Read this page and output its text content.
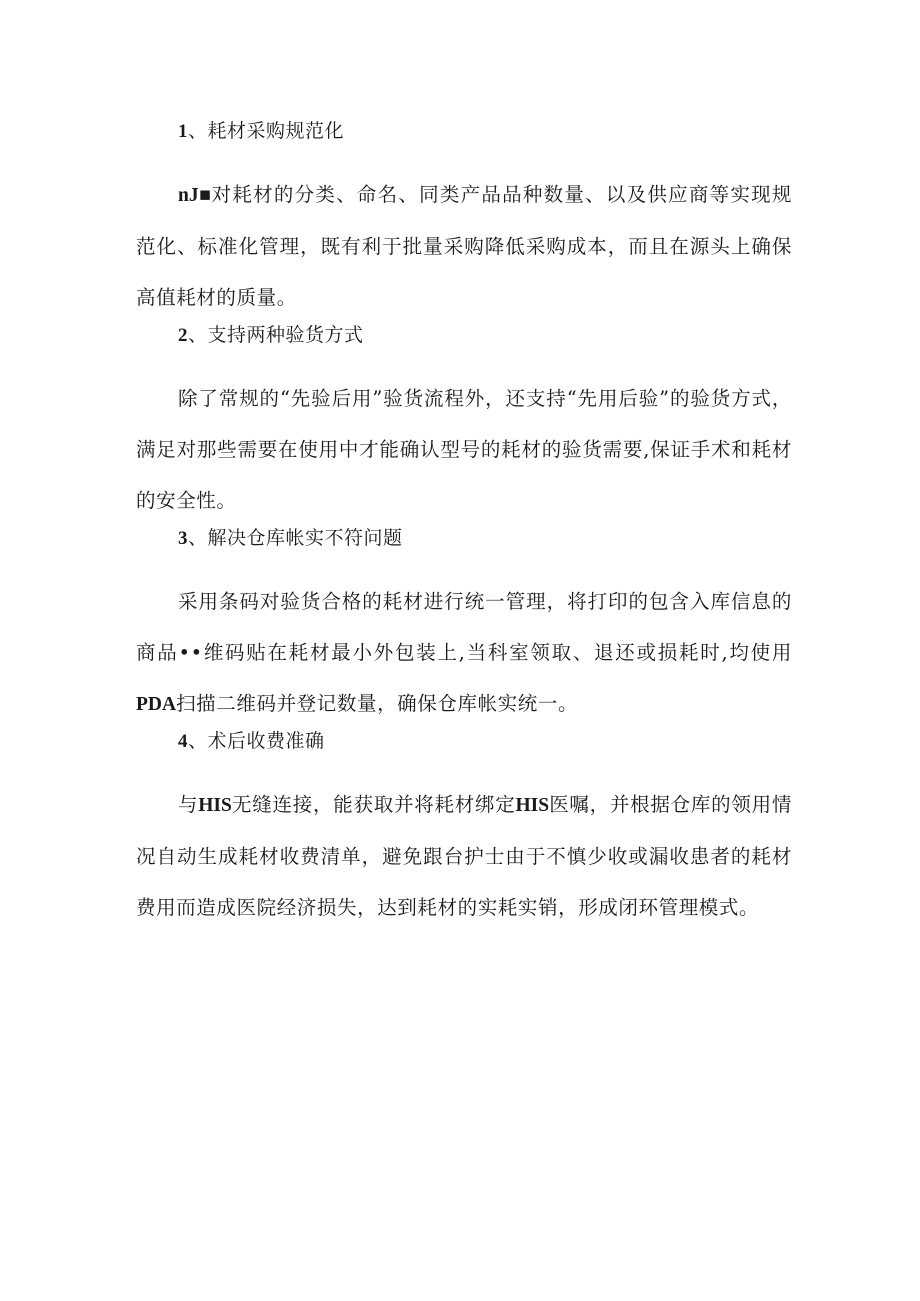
1、耗材采购规范化

nJ■对耗材的分类、命名、同类产品品种数量、以及供应商等实现规范化、标准化管理，既有利于批量采购降低采购成本，而且在源头上确保高值耗材的质量。

2、支持两种验货方式

除了常规的“先验后用”验货流程外，还支持“先用后验”的验货方式，满足对那些需要在使用中才能确认型号的耗材的验货需要,保证手术和耗材的安全性。

3、解决仓库帐实不符问题

采用条码对验货合格的耗材进行统一管理，将打印的包含入库信息的商品••维码贴在耗材最小外包装上,当科室领取、退还或损耗时,均使用PDA扫描二维码并登记数量，确保仓库帐实统一。

4、术后收费准确

与HIS无缝连接，能获取并将耗材绑定HIS医嘱，并根据仓库的领用情况自动生成耗材收费清单，避免跟台护士由于不慎少收或漏收患者的耗材费用而造成医院经济损失，达到耗材的实耗实销，形成闭环管理模式。
